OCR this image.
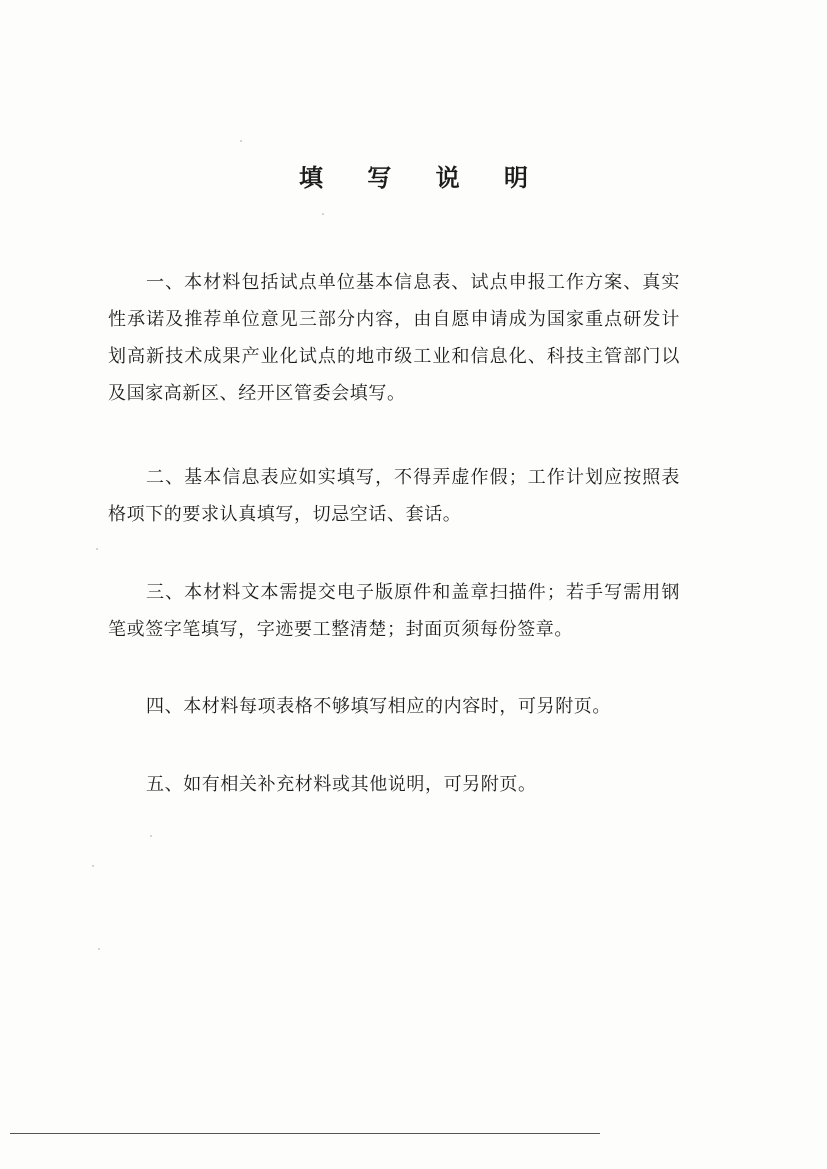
填 写 说 明

一、本材料包括试点单位基本信息表、试点申报工作方案、真实性承诺及推荐单位意见三部分内容，由自愿申请成为国家重点研发计划高新技术成果产业化试点的地市级工业和信息化、科技主管部门以及国家高新区、经开区管委会填写。

二、基本信息表应如实填写，不得弄虚作假；工作计划应按照表格项下的要求认真填写，切忌空话、套话。

三、本材料文本需提交电子版原件和盖章扫描件；若手写需用钢笔或签字笔填写，字迹要工整清楚；封面页须每份签章。

四、本材料每项表格不够填写相应的内容时，可另附页。

五、如有相关补充材料或其他说明，可另附页。
